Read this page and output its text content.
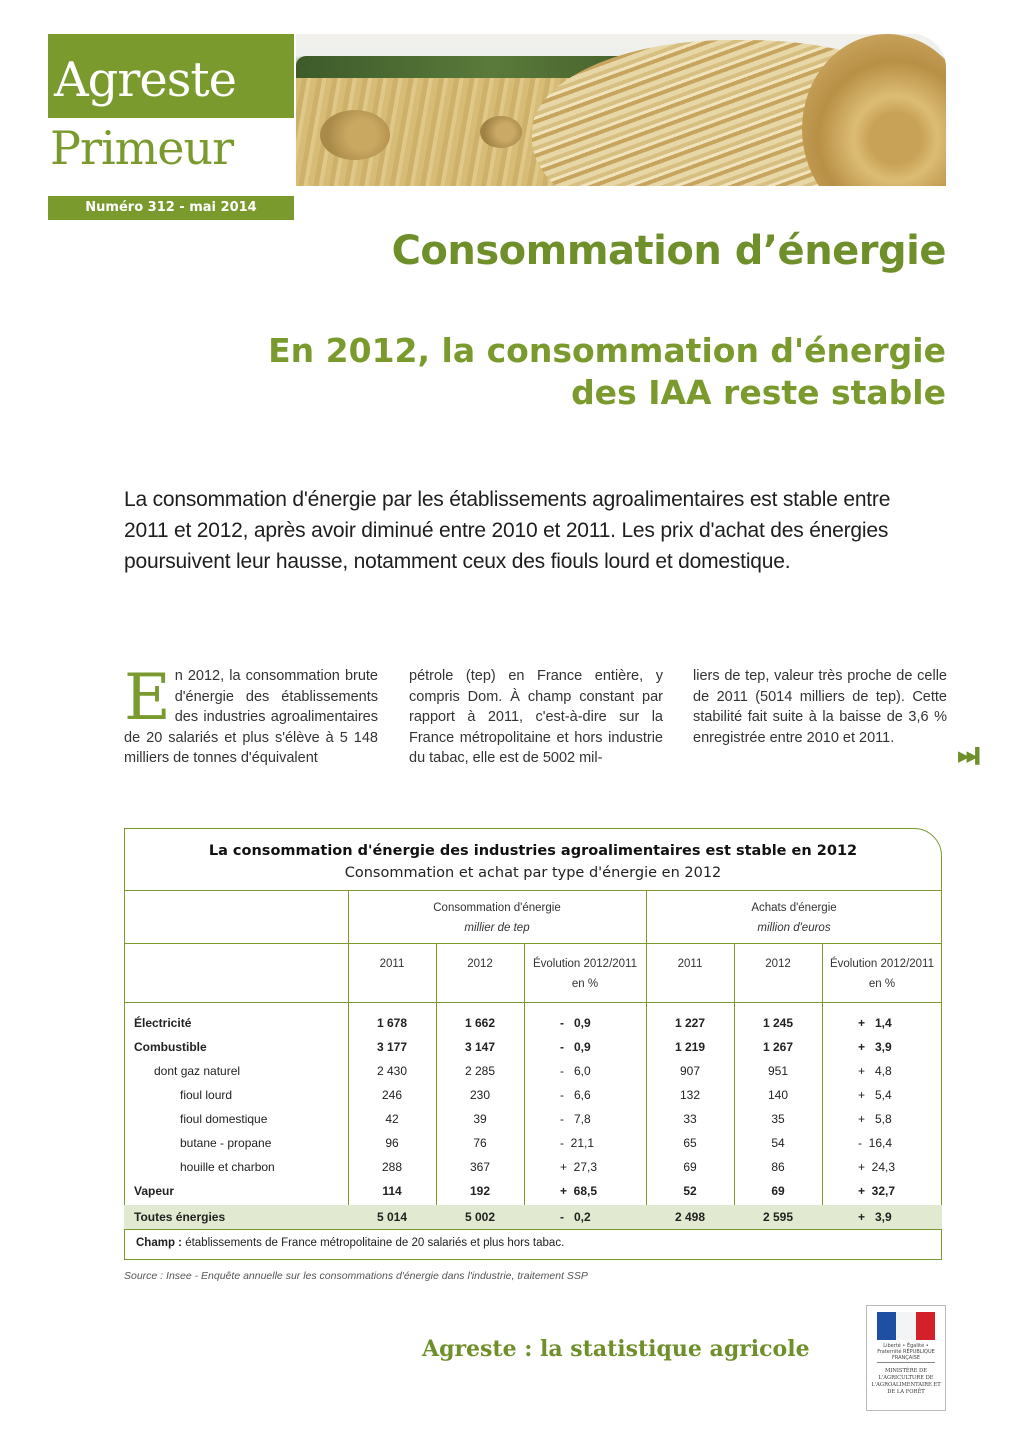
Agreste
Primeur
Numéro 312 - mai 2014
Consommation d’énergie
En 2012, la consommation d'énergie
des IAA reste stable
La consommation d'énergie par les établissements agroalimentaires est stable entre 2011 et 2012, après avoir diminué entre 2010 et 2011. Les prix d'achat des énergies poursuivent leur hausse, notamment ceux des fiouls lourd et domestique.
En 2012, la consommation brute d'énergie des établissements des industries agroalimentaires de 20 salariés et plus s'élève à 5 148 milliers de tonnes d'équivalent
pétrole (tep) en France entière, y compris Dom. À champ constant par rapport à 2011, c'est-à-dire sur la France métropolitaine et hors industrie du tabac, elle est de 5002 mil-
liers de tep, valeur très proche de celle de 2011 (5014 milliers de tep). Cette stabilité fait suite à la baisse de 3,6 % enregistrée entre 2010 et 2011.
▶▶▍
La consommation d'énergie des industries agroalimentaires est stable en 2012
Consommation et achat par type d'énergie en 2012
Consommation d'énergie
millier de tep
Achats d'énergie
million d'euros
2011	2012	Évolution 2012/2011
en %
2011	2012	Évolution 2012/2011
en %
Électricité	1 678	1 662	-   0,9	1 227	1 245	+   1,4
Combustible	3 177	3 147	-   0,9	1 219	1 267	+   3,9
dont gaz naturel	2 430	2 285	-   6,0	907	951	+   4,8
fioul lourd	246	230	-   6,6	132	140	+   5,4
fioul domestique	42	39	-   7,8	33	35	+   5,8
butane - propane	96	76	-  21,1	65	54	-  16,4
houille et charbon	288	367	+  27,3	69	86	+  24,3
Vapeur	114	192	+  68,5	52	69	+  32,7
Toutes énergies	5 014	5 002	-   0,2	2 498	2 595	+   3,9
Champ : établissements de France métropolitaine de 20 salariés et plus hors tabac.
Source : Insee - Enquête annuelle sur les consommations d'énergie dans l'industrie, traitement SSP
Agreste : la statistique agricole	Liberté • Égalité • Fraternité RÉPUBLIQUE FRANÇAISE
MINISTÈRE DE L'AGRICULTURE DE L'AGROALIMENTAIRE ET DE LA FORÊT
